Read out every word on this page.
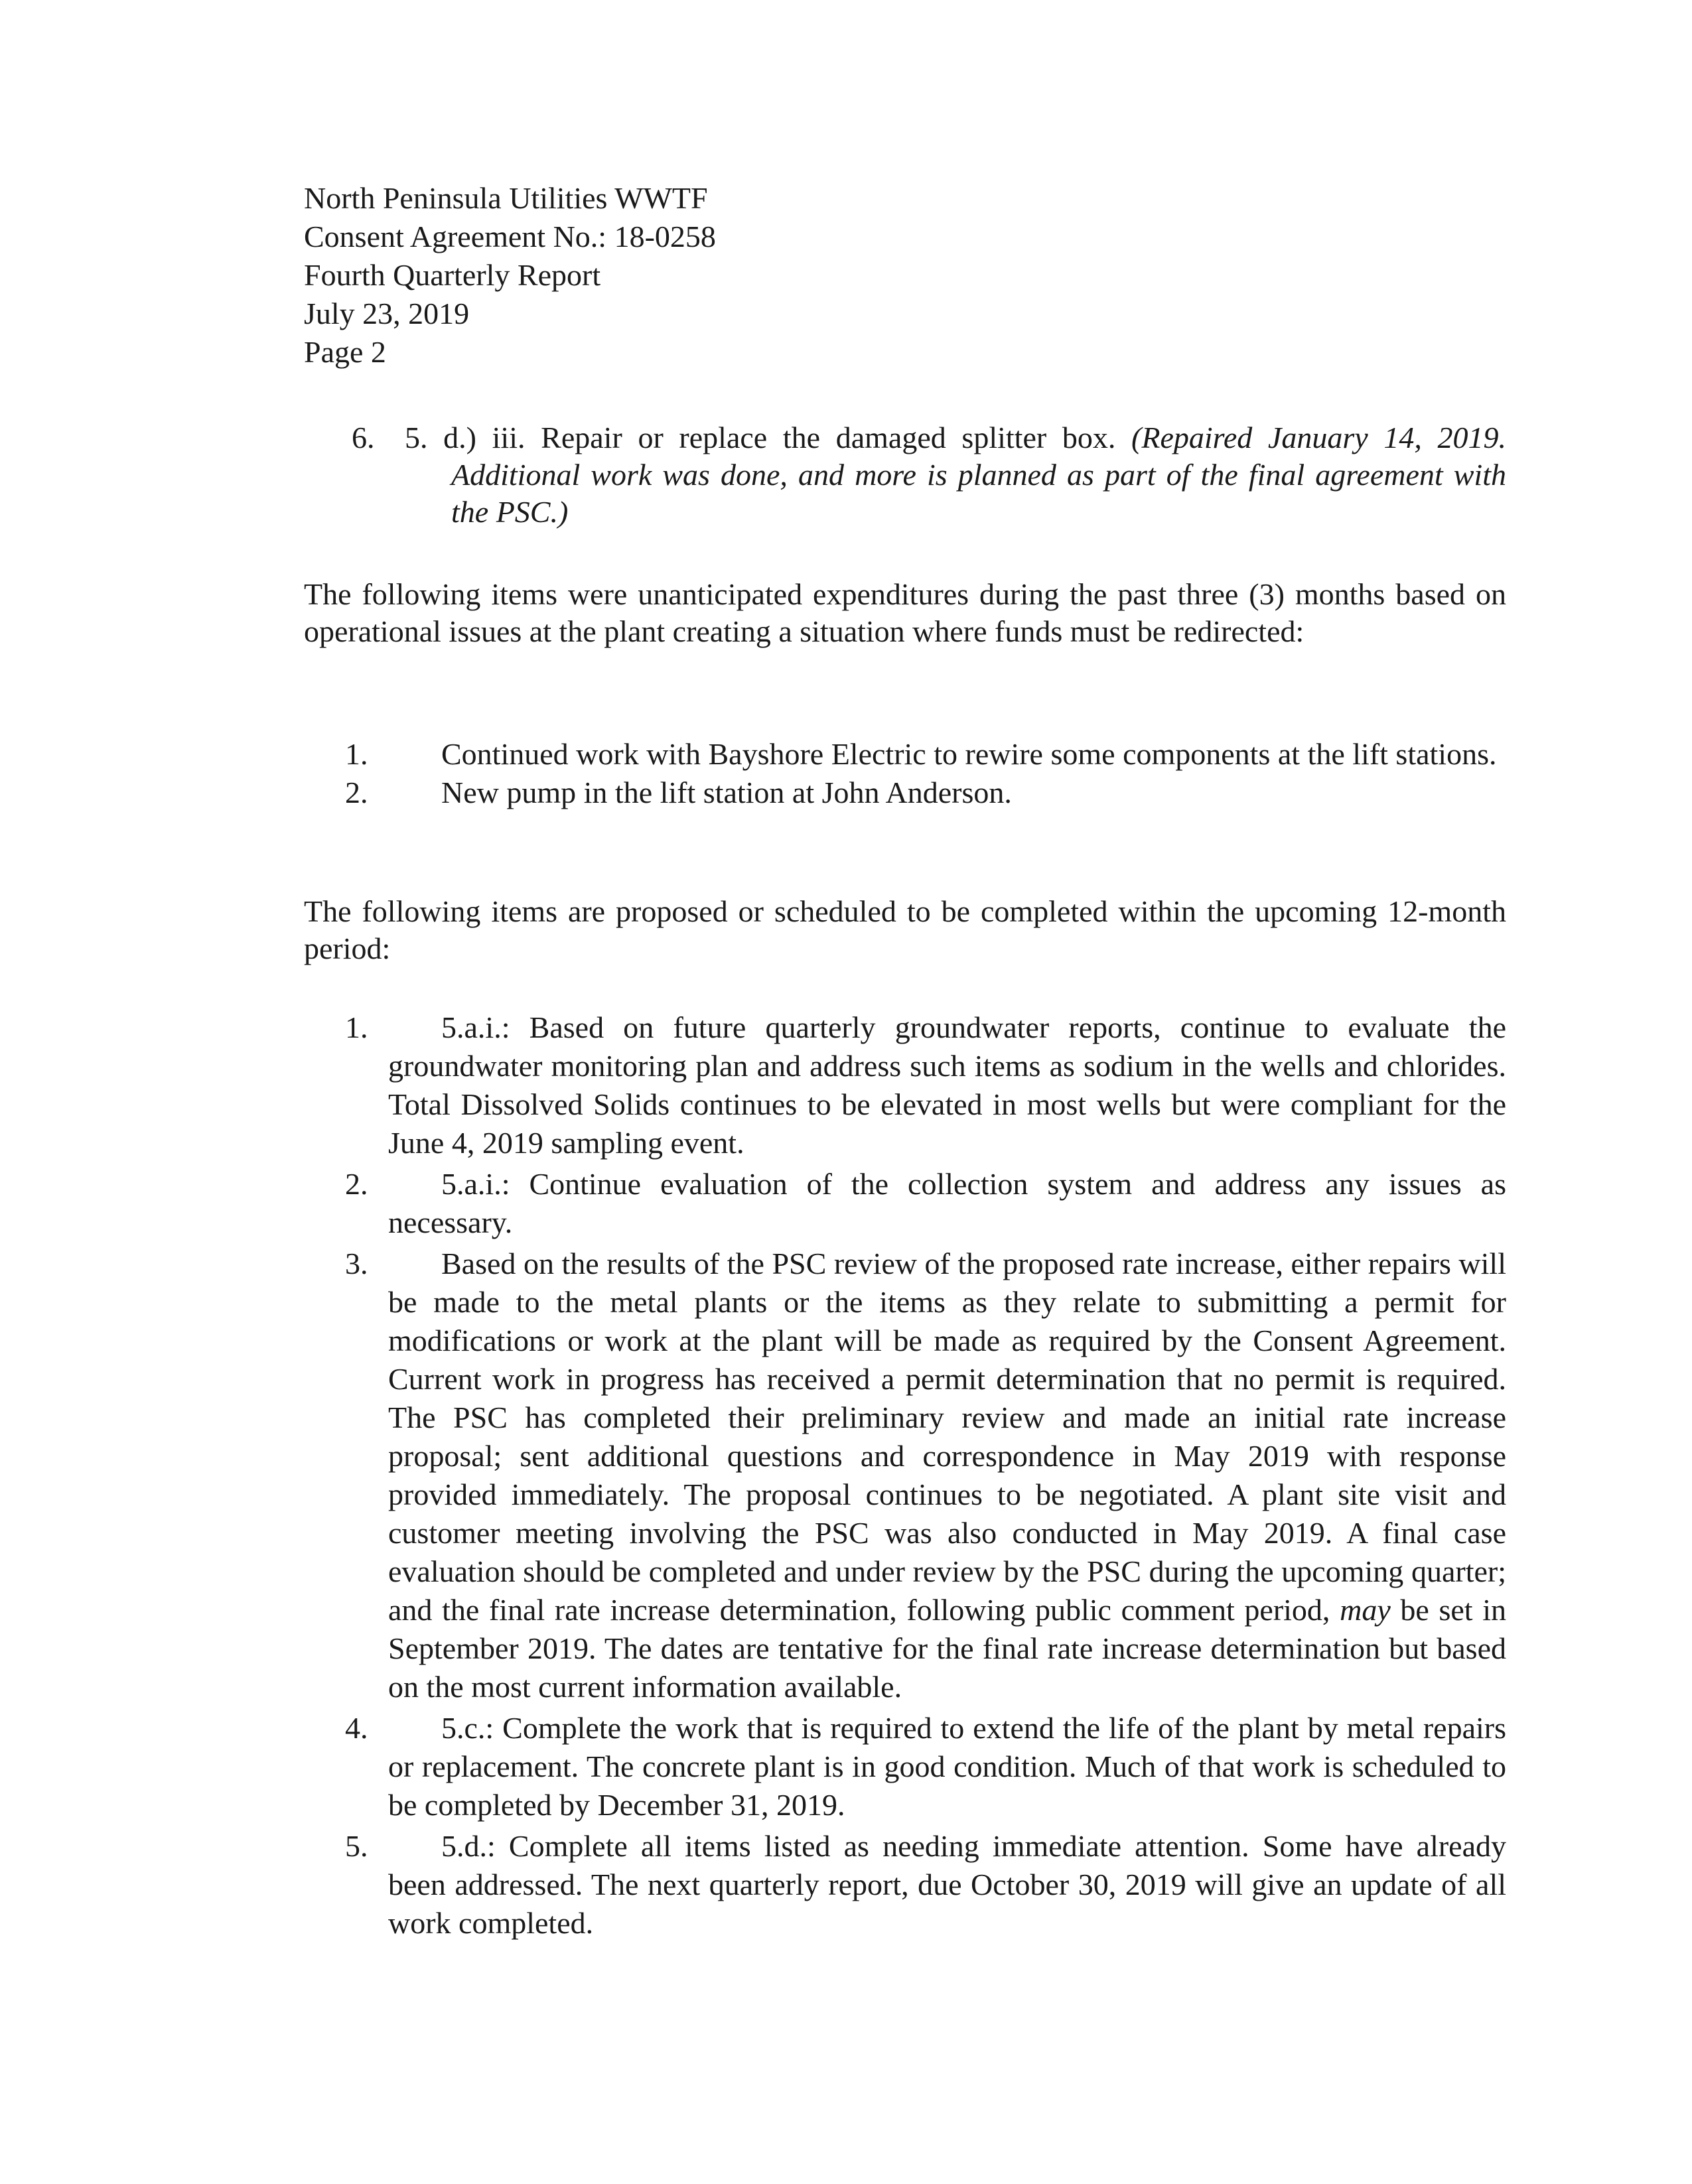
North Peninsula Utilities WWTF
Consent Agreement No.: 18-0258
Fourth Quarterly Report
July 23, 2019
Page 2
6. 5. d.) iii. Repair or replace the damaged splitter box. (Repaired January 14, 2019. Additional work was done, and more is planned as part of the final agreement with the PSC.)
The following items were unanticipated expenditures during the past three (3) months based on operational issues at the plant creating a situation where funds must be redirected:
1.	Continued work with Bayshore Electric to rewire some components at the lift stations.
2.	New pump in the lift station at John Anderson.
The following items are proposed or scheduled to be completed within the upcoming 12-month period:
1.	5.a.i.: Based on future quarterly groundwater reports, continue to evaluate the groundwater monitoring plan and address such items as sodium in the wells and chlorides. Total Dissolved Solids continues to be elevated in most wells but were compliant for the June 4, 2019 sampling event.
2.	5.a.i.: Continue evaluation of the collection system and address any issues as necessary.
3.	Based on the results of the PSC review of the proposed rate increase, either repairs will be made to the metal plants or the items as they relate to submitting a permit for modifications or work at the plant will be made as required by the Consent Agreement. Current work in progress has received a permit determination that no permit is required. The PSC has completed their preliminary review and made an initial rate increase proposal; sent additional questions and correspondence in May 2019 with response provided immediately. The proposal continues to be negotiated. A plant site visit and customer meeting involving the PSC was also conducted in May 2019. A final case evaluation should be completed and under review by the PSC during the upcoming quarter; and the final rate increase determination, following public comment period, may be set in September 2019. The dates are tentative for the final rate increase determination but based on the most current information available.
4.	5.c.: Complete the work that is required to extend the life of the plant by metal repairs or replacement. The concrete plant is in good condition. Much of that work is scheduled to be completed by December 31, 2019.
5.	5.d.: Complete all items listed as needing immediate attention. Some have already been addressed. The next quarterly report, due October 30, 2019 will give an update of all work completed.
